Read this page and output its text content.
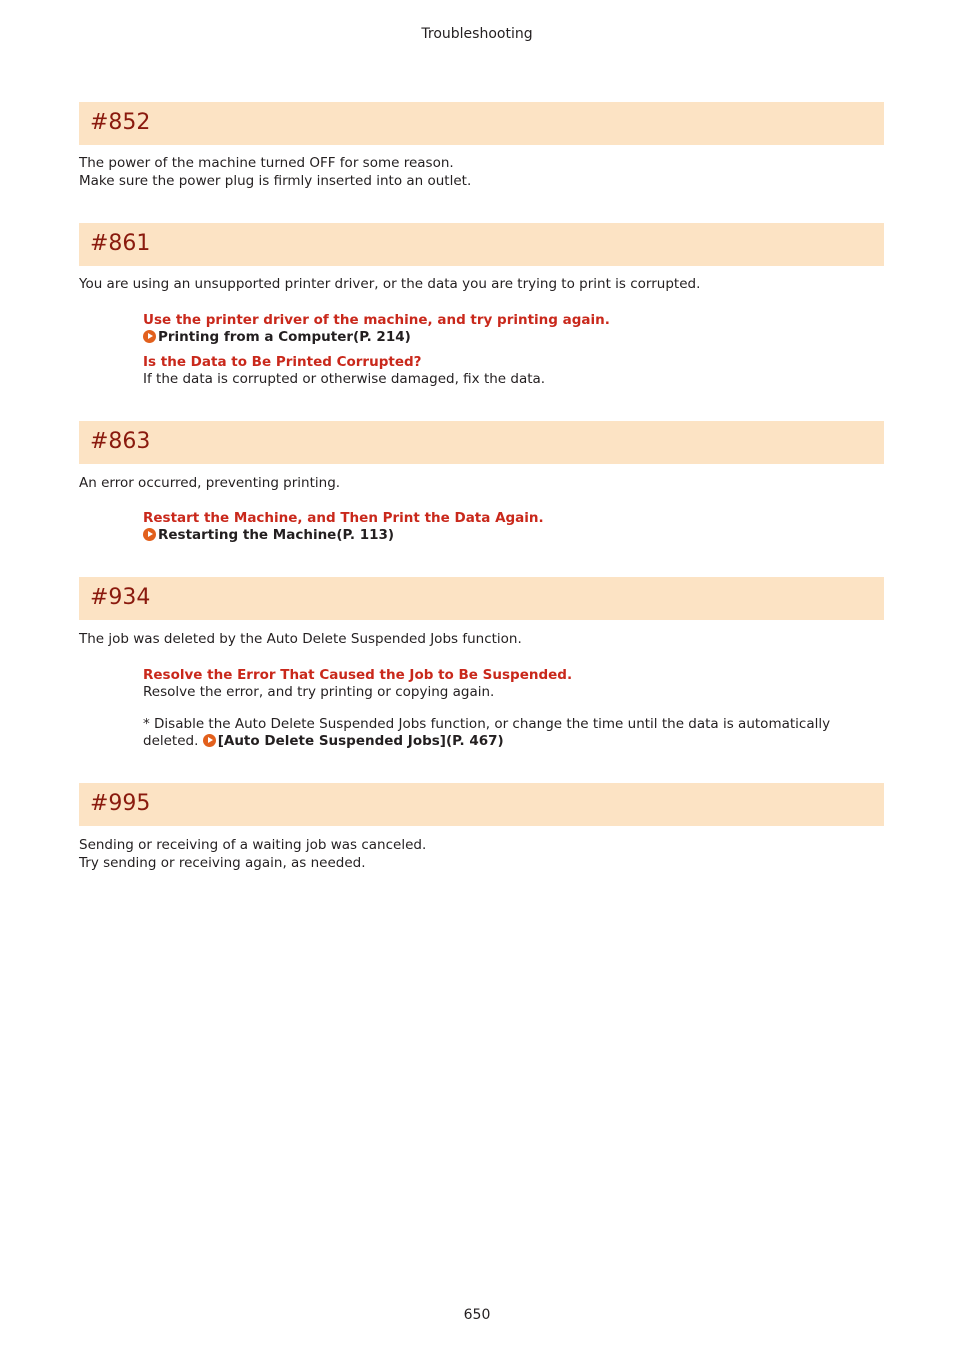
Troubleshooting
#852
The power of the machine turned OFF for some reason.
Make sure the power plug is firmly inserted into an outlet.
#861
You are using an unsupported printer driver, or the data you are trying to print is corrupted.
Use the printer driver of the machine, and try printing again.
Printing from a Computer(P. 214)
Is the Data to Be Printed Corrupted?
If the data is corrupted or otherwise damaged, fix the data.
#863
An error occurred, preventing printing.
Restart the Machine, and Then Print the Data Again.
Restarting the Machine(P. 113)
#934
The job was deleted by the Auto Delete Suspended Jobs function.
Resolve the Error That Caused the Job to Be Suspended.
Resolve the error, and try printing or copying again.
* Disable the Auto Delete Suspended Jobs function, or change the time until the data is automatically
deleted. [Auto Delete Suspended Jobs](P. 467)
#995
Sending or receiving of a waiting job was canceled.
Try sending or receiving again, as needed.
650
